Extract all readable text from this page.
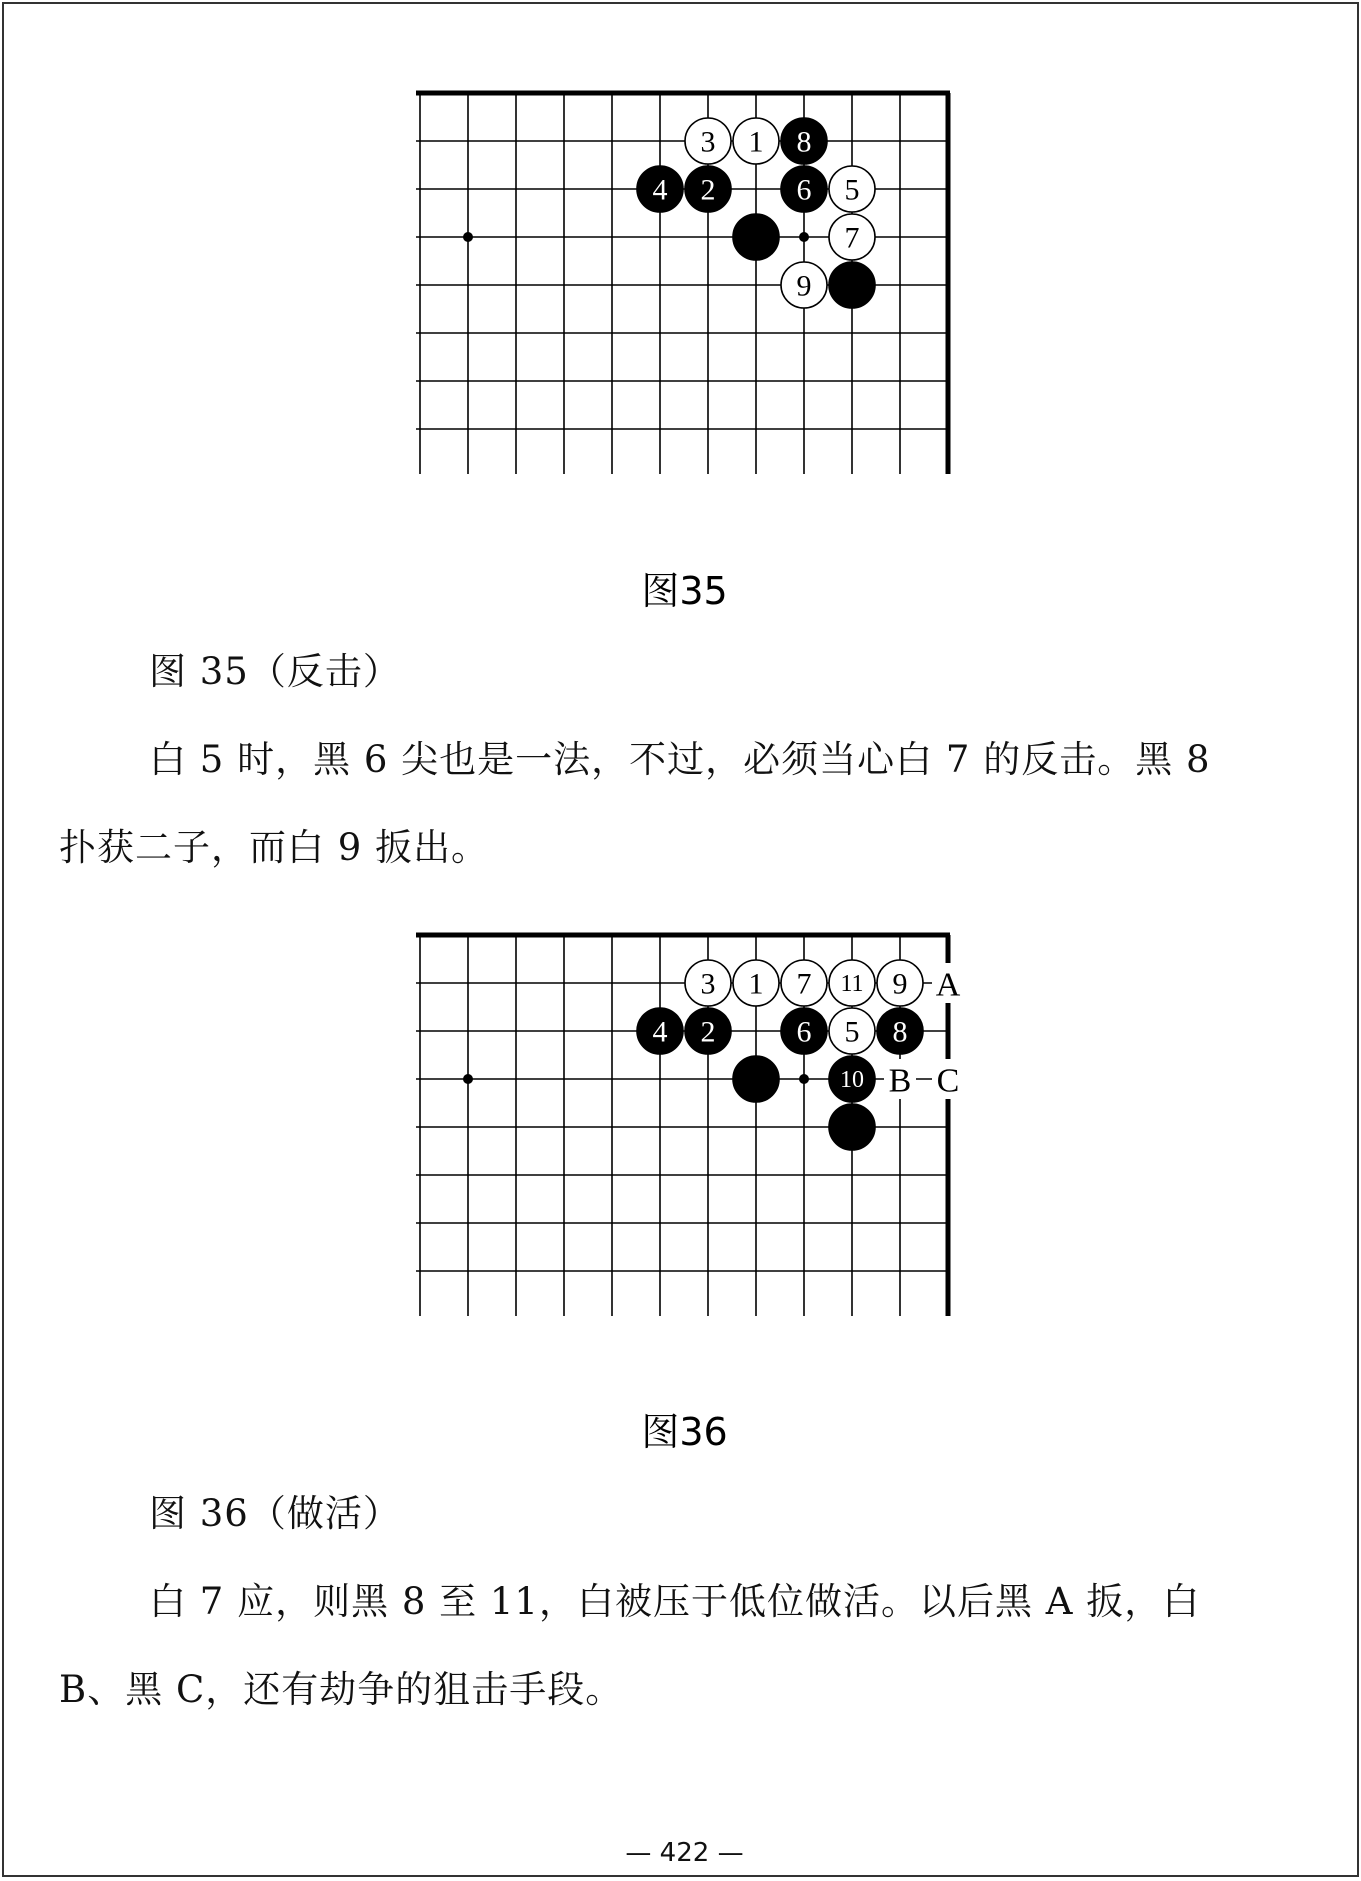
3 1 8
4 2	6 5
7
9
图35

图 35（反击）

白 5 时，黑 6 尖也是一法，不过，必须当心白 7 的反击。黑 8
扑获二子，而白 9 扳出。
3 1 7 11 9
4 2	6 5 8
10
A
B C
图36

图 36（做活）

白 7 应，则黑 8 至 11，白被压于低位做活。以后黑 A 扳，白
B、黑 C，还有劫争的狙击手段。
— 422 —
